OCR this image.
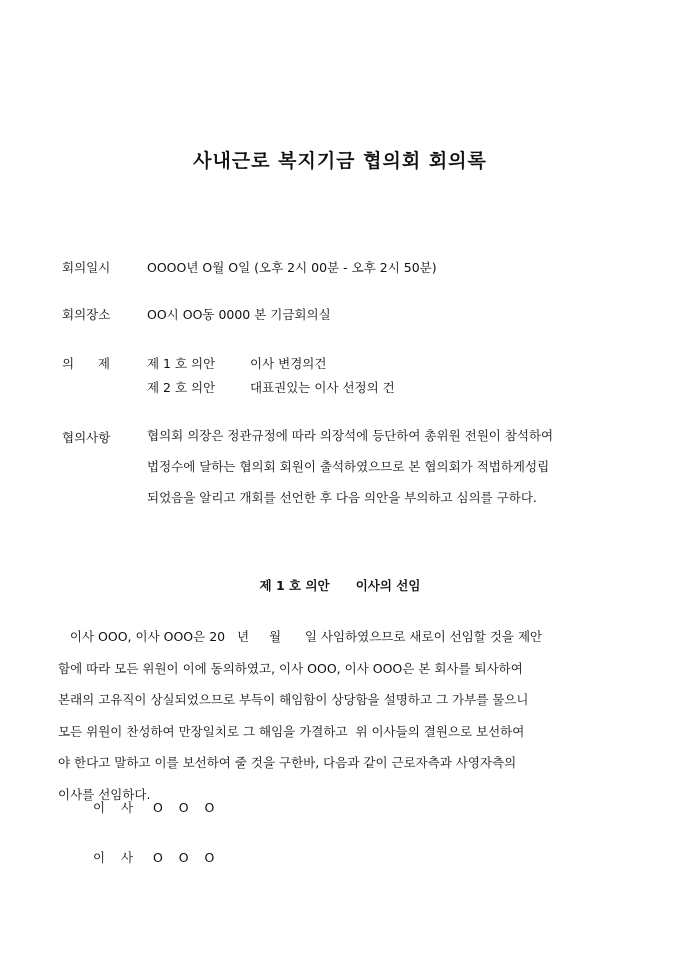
사내근로 복지기금 협의회 회의록
회의일시	OOOO년 O월 O일 (오후 2시 00분 - 오후 2시 50분)
회의장소	OO시 OO동 0000 본 기금회의실
의      제	제 1 호 의안	이사 변경의건
제 2 호 의안	대표권있는 이사 선정의 건
협의사항	협의회 의장은 정관규정에 따라 의장석에 등단하여 총위원 전원이 참석하여
법정수에 달하는 협의회 회원이 출석하였으므로 본 협의회가 적법하게성립
되었음을 알리고 개회를 선언한 후 다음 의안을 부의하고 심의를 구하다.
제 1 호 의안      이사의 선임
이사 OOO, 이사 OOO은 20   년     월      일 사임하였으므로 새로이 선임할 것을 제안
함에 따라 모든 위원이 이에 동의하였고, 이사 OOO, 이사 OOO은 본 회사를 퇴사하여
본래의 고유직이 상실되었으므로 부득이 해임함이 상당함을 설명하고 그 가부를 물으니
모든 위원이 찬성하여 만장일치로 그 해임을 가결하고  위 이사들의 결원으로 보선하여
야 한다고 말하고 이를 보선하여 줄 것을 구한바, 다음과 같이 근로자측과 사영자측의
이사를 선임하다.
이    사 O    O    O
이    사 O    O    O
